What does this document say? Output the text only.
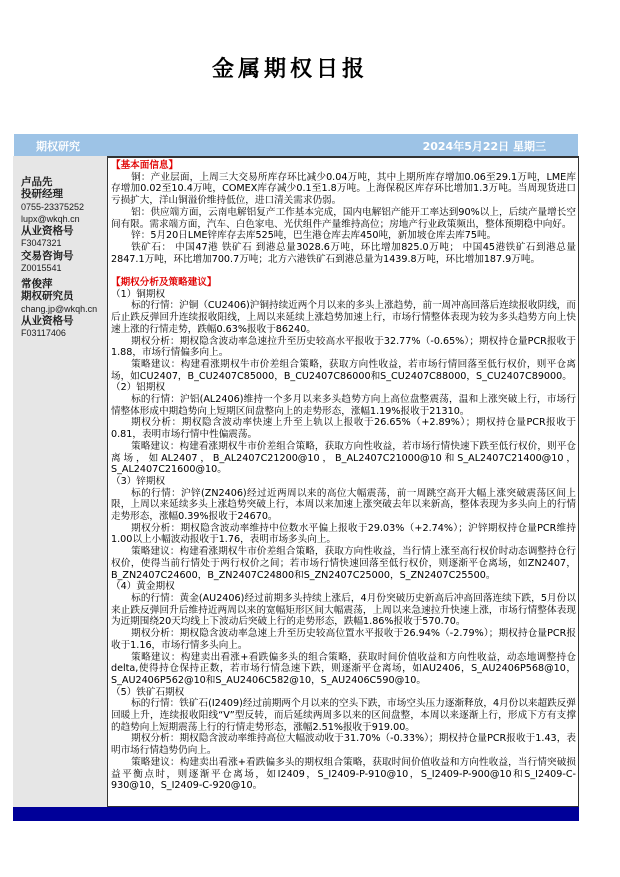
金属期权日报
期权研究	2024年5月22日 星期三
卢品先
投研经理
0755-23375252
lupx@wkqh.cn
从业资格号
F3047321
交易咨询号
Z0015541
常俊萍
期权研究员
chang.jp@wkqh.cn
从业资格号
F03117406

【基本面信息】

铜：产业层面，上周三大交易所库存环比减少0.04万吨，其中上期所库存增加0.06至29.1万吨，LME库存增加0.02至10.4万吨，COMEX库存减少0.1至1.8万吨。上海保税区库存环比增加1.3万吨。当周现货进口亏损扩大，洋山铜溢价维持低位，进口清关需求仍弱。

铝：供应端方面，云南电解铝复产工作基本完成，国内电解铝产能开工率达到90%以上，后续产量增长空间有限。需求端方面，汽车、白色家电、光伏组件产量维持高位；房地产行业政策频出，整体预期稳中向好。

锌：5月20日LME锌库存去库525吨，巴生港仓库去库450吨，新加坡仓库去库75吨。

铁矿石： 中国47港 铁矿石 到港总量3028.6万吨，环比增加825.0万吨； 中国45港铁矿石到港总量2847.1万吨，环比增加700.7万吨；北方六港铁矿石到港总量为1439.8万吨，环比增加187.9万吨。

【期权分析及策略建议】

（1）铜期权

标的行情：沪铜（CU2406)沪铜持续近两个月以来的多头上涨趋势，前一周冲高回落后连续报收阴线，而后止跌反弹回升连续报收阳线，上周以来延续上涨趋势加速上行，市场行情整体表现为较为多头趋势方向上快速上涨的行情走势，跌幅0.63%报收于86240。

期权分析：期权隐含波动率急速拉升至历史较高水平报收于32.77%（-0.65%）；期权持仓量PCR报收于1.88，市场行情偏多向上。

策略建议：构建看涨期权牛市价差组合策略，获取方向性收益，若市场行情回落至低行权价，则平仓离场，如CU2407，B_CU2407C85000，B_CU2407C86000和S_CU2407C88000，S_CU2407C89000。

（2）铝期权

标的行情：沪铝(AL2406)维持一个多月以来多头趋势方向上高位盘整震荡，温和上涨突破上行，市场行情整体形成中期趋势向上短期区间盘整向上的走势形态，涨幅1.19%报收于21310。

期权分析：期权隐含波动率快速上升至上轨以上报收于26.65%（+2.89%）；期权持仓量PCR报收于0.81，表明市场行情中性偏震荡。

策略建议：构建看涨期权牛市价差组合策略，获取方向性收益，若市场行情快速下跌至低行权价，则平仓离场，如AL2407，B_AL2407C21200@10，B_AL2407C21000@10和S_AL2407C21400@10，S_AL2407C21600@10。

（3）锌期权

标的行情：沪锌(ZN2406)经过近两周以来的高位大幅震荡，前一周跳空高开大幅上涨突破震荡区间上限，上周以来延续多头上涨趋势突破上行，本周以来加速上涨突破去年以来新高，整体表现为多头向上的行情走势形态，涨幅0.39%报收于24670。

期权分析：期权隐含波动率维持中位数水平偏上报收于29.03%（+2.74%）；沪锌期权持仓量PCR维持1.00以上小幅波动报收于1.76，表明市场多头向上。

策略建议：构建看涨期权牛市价差组合策略，获取方向性收益，当行情上涨至高行权价时动态调整持仓行权价，使得当前行情处于两行权价之间；若市场行情快速回落至低行权价，则逐渐平仓离场，如ZN2407，B_ZN2407C24600，B_ZN2407C24800和S_ZN2407C25000，S_ZN2407C25500。

（4）黄金期权

标的行情：黄金(AU2406)经过前期多头持续上涨后，4月份突破历史新高后冲高回落连续下跌，5月份以来止跌反弹回升后维持近两周以来的宽幅矩形区间大幅震荡，上周以来急速拉升快速上涨，市场行情整体表现为近期围绕20天均线上下波动后突破上行的走势形态，跌幅1.86%报收于570.70。

期权分析：期权隐含波动率急速上升至历史较高位置水平报收于26.94%（-2.79%）；期权持仓量PCR报收于1.16，市场行情多头向上。

策略建议：构建卖出看涨+看跌偏多头的组合策略，获取时间价值收益和方向性收益，动态地调整持仓delta,使得持仓保持正数，若市场行情急速下跌，则逐渐平仓离场，如AU2406，S_AU2406P568@10，S_AU2406P562@10和S_AU2406C582@10，S_AU2406C590@10。

（5）铁矿石期权

标的行情：铁矿石(I2409)经过前期两个月以来的空头下跌，市场空头压力逐渐释放，4月份以来超跌反弹回暖上升，连续报收阳线“V”型反转，而后延续两周多以来的区间盘整，本周以来逐渐上行，形成下方有支撑的趋势向上短期震荡上行的行情走势形态，涨幅2.51%报收于919.00。

期权分析：期权隐含波动率维持高位大幅波动收于31.70%（-0.33%）；期权持仓量PCR报收于1.43，表明市场行情趋势仍向上。

策略建议：构建卖出看涨+看跌偏多头的期权组合策略，获取时间价值收益和方向性收益，当行情突破损益平衡点时，则逐渐平仓离场，如I2409，S_I2409-P-910@10，S_I2409-P-900@10和S_I2409-C-930@10，S_I2409-C-920@10。
